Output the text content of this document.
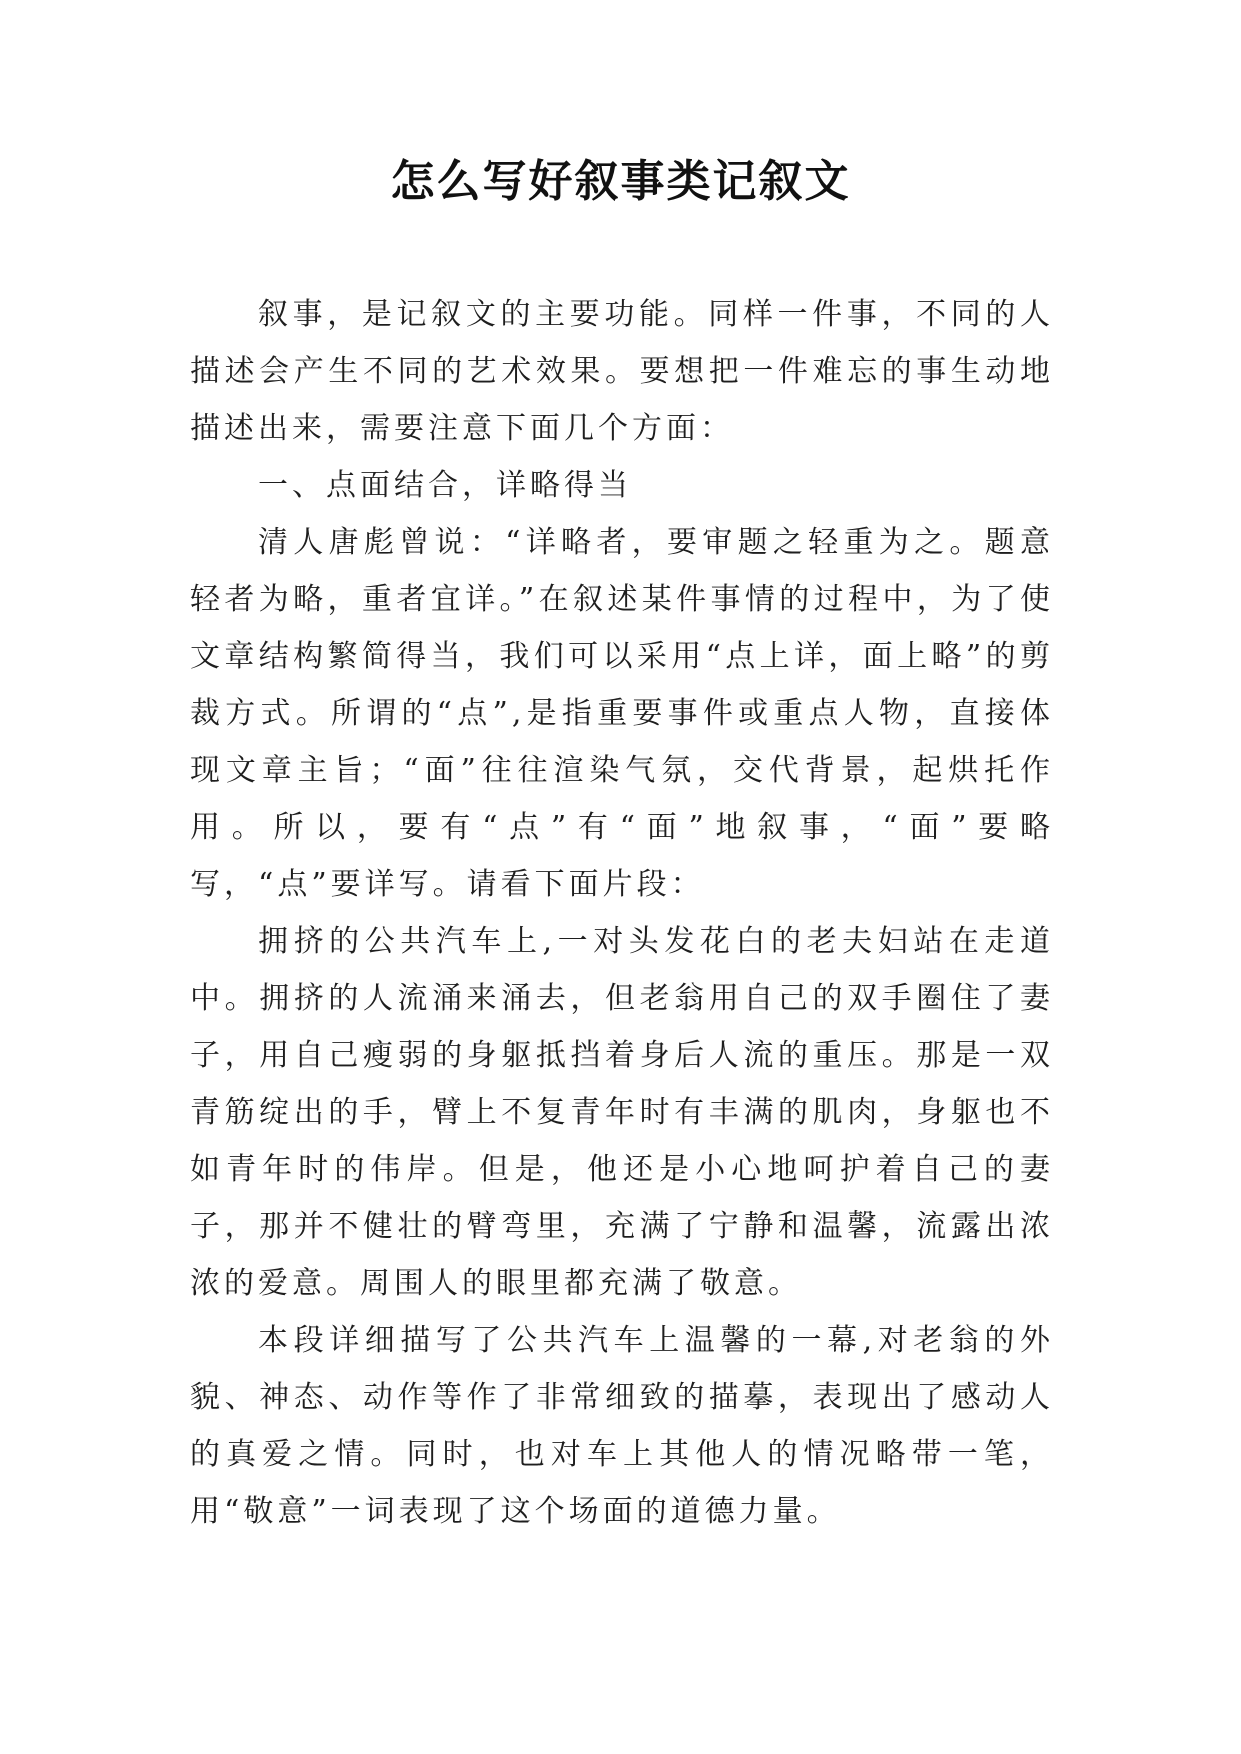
怎么写好叙事类记叙文

叙事，是记叙文的主要功能。同样一件事，不同的人描述会产生不同的艺术效果。要想把一件难忘的事生动地描述出来，需要注意下面几个方面：

一、点面结合，详略得当

清人唐彪曾说：“详略者，要审题之轻重为之。题意轻者为略，重者宜详。”在叙述某件事情的过程中，为了使文章结构繁简得当，我们可以采用“点上详，面上略”的剪裁方式。所谓的“点”,是指重要事件或重点人物，直接体现文章主旨；“面”往往渲染气氛，交代背景，起烘托作用。所以，要有“点”有“面”地叙事，“面”要略写，“点”要详写。请看下面片段：

拥挤的公共汽车上,一对头发花白的老夫妇站在走道中。拥挤的人流涌来涌去，但老翁用自己的双手圈住了妻子，用自己瘦弱的身躯抵挡着身后人流的重压。那是一双青筋绽出的手，臂上不复青年时有丰满的肌肉，身躯也不如青年时的伟岸。但是，他还是小心地呵护着自己的妻子，那并不健壮的臂弯里，充满了宁静和温馨，流露出浓浓的爱意。周围人的眼里都充满了敬意。

本段详细描写了公共汽车上温馨的一幕,对老翁的外貌、神态、动作等作了非常细致的描摹，表现出了感动人的真爱之情。同时，也对车上其他人的情况略带一笔，用“敬意”一词表现了这个场面的道德力量。
